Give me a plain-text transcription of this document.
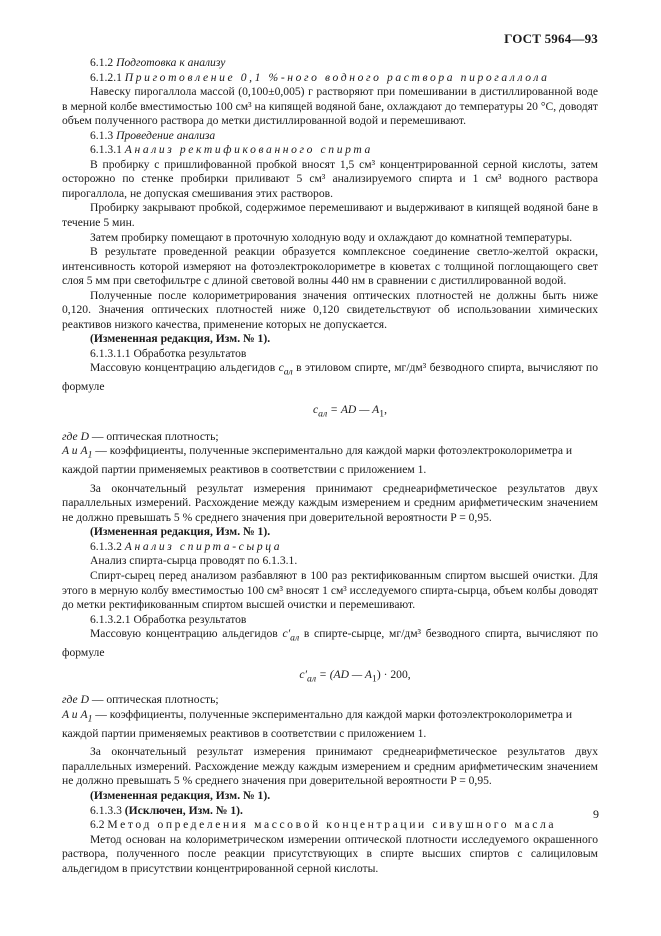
ГОСТ 5964—93

6.1.2 Подготовка к анализу

6.1.2.1 Приготовление 0,1 %-ного водного раствора пирогаллола

Навеску пирогаллола массой (0,100±0,005) г растворяют при помешивании в дистиллированной воде в мерной колбе вместимостью 100 см³ на кипящей водяной бане, охлаждают до температуры 20 °С, доводят объем полученного раствора до метки дистиллированной водой и перемешивают.

6.1.3 Проведение анализа

6.1.3.1 Анализ ректификованного спирта

В пробирку с пришлифованной пробкой вносят 1,5 см³ концентрированной серной кислоты, затем осторожно по стенке пробирки приливают 5 см³ анализируемого спирта и 1 см³ водного раствора пирогаллола, не допуская смешивания этих растворов.

Пробирку закрывают пробкой, содержимое перемешивают и выдерживают в кипящей водяной бане в течение 5 мин.

Затем пробирку помещают в проточную холодную воду и охлаждают до комнатной температуры.

В результате проведенной реакции образуется комплексное соединение светло-желтой окраски, интенсивность которой измеряют на фотоэлектроколориметре в кюветах с толщиной поглощающего свет слоя 5 мм при светофильтре с длиной световой волны 440 нм в сравнении с дистиллированной водой.

Полученные после колориметрирования значения оптических плотностей не должны быть ниже 0,120. Значения оптических плотностей ниже 0,120 свидетельствуют об использовании химических реактивов низкого качества, применение которых не допускается.

(Измененная редакция, Изм. № 1).

6.1.3.1.1 Обработка результатов

Массовую концентрацию альдегидов $c_{ал}$ в этиловом спирте, мг/дм³ безводного спирта, вычисляют по формуле

$c_{ал}$ = AD — $A_1$,

где D — оптическая плотность;

A и $A_1$ — коэффициенты, полученные экспериментально для каждой марки фотоэлектроколориметра и каждой партии применяемых реактивов в соответствии с приложением 1.

За окончательный результат измерения принимают среднеарифметическое результатов двух параллельных измерений. Расхождение между каждым измерением и средним арифметическим значением не должно превышать 5 % среднего значения при доверительной вероятности P = 0,95.

(Измененная редакция, Изм. № 1).

6.1.3.2 Анализ спирта-сырца

Анализ спирта-сырца проводят по 6.1.3.1.

Спирт-сырец перед анализом разбавляют в 100 раз ректификованным спиртом высшей очистки. Для этого в мерную колбу вместимостью 100 см³ вносят 1 см³ исследуемого спирта-сырца, объем колбы доводят до метки ректификованным спиртом высшей очистки и перемешивают.

6.1.3.2.1 Обработка результатов

Массовую концентрацию альдегидов $c'_{ал}$ в спирте-сырце, мг/дм³ безводного спирта, вычисляют по формуле

$c'_{ал} = (AD$ — $A_1) \cdot 200$,

где D — оптическая плотность;

A и $A_1$ — коэффициенты, полученные экспериментально для каждой марки фотоэлектроколориметра и каждой партии применяемых реактивов в соответствии с приложением 1.

За окончательный результат измерения принимают среднеарифметическое результатов двух параллельных измерений. Расхождение между каждым измерением и средним арифметическим значением не должно превышать 5 % среднего значения при доверительной вероятности P = 0,95.

(Измененная редакция, Изм. № 1).

6.1.3.3 (Исключен, Изм. № 1).

6.2 Метод определения массовой концентрации сивушного масла

Метод основан на колориметрическом измерении оптической плотности исследуемого окрашенного раствора, полученного после реакции присутствующих в спирте высших спиртов с салициловым альдегидом в присутствии концентрированной серной кислоты.

9
